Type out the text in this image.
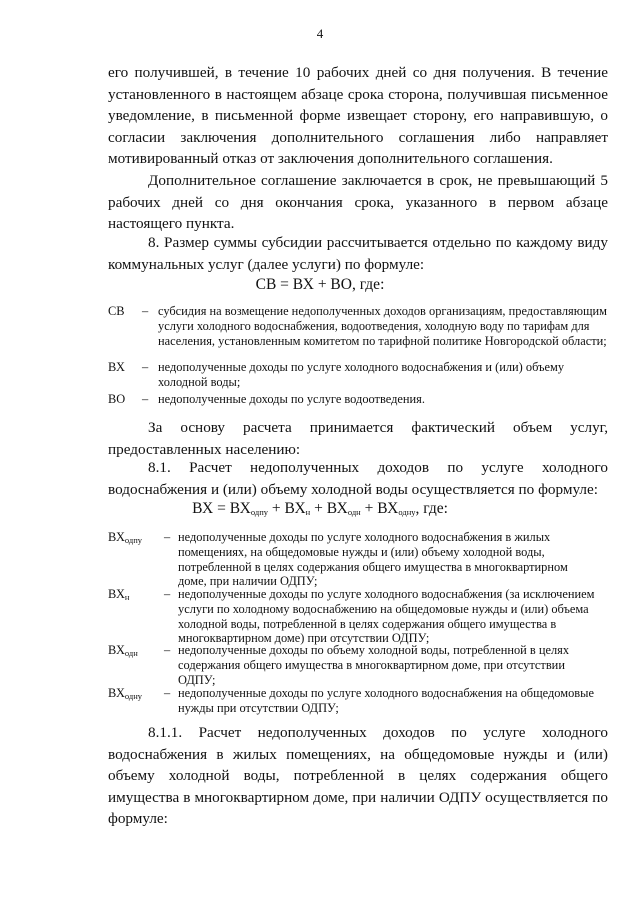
4

его получившей, в течение 10 рабочих дней со дня получения. В течение установленного в настоящем абзаце срока сторона, получившая письменное уведомление, в письменной форме извещает сторону, его направившую, о согласии заключения дополнительного соглашения либо направляет мотивированный отказ от заключения дополнительного соглашения.

Дополнительное соглашение заключается в срок, не превышающий 5 рабочих дней со дня окончания срока, указанного в первом абзаце настоящего пункта.

8. Размер суммы субсидии рассчитывается отдельно по каждому виду коммунальных услуг (далее услуги) по формуле:

СВ = ВХ + ВО, где:
СВ – субсидия на возмещение недополученных доходов организациям, предоставляющим услуги холодного водоснабжения, водоотведения, холодную воду по тарифам для населения, установленным комитетом по тарифной политике Новгородской области;
ВХ – недополученные доходы по услуге холодного водоснабжения и (или) объему холодной воды;
ВО – недополученные доходы по услуге водоотведения.

За основу расчета принимается фактический объем услуг, предоставленных населению:

8.1. Расчет недополученных доходов по услуге холодного водоснабжения и (или) объему холодной воды осуществляется по формуле:

ВХ = $ВХ_{одпу} + ВХ_н + ВХ_{одн} + ВХ_{одну}$, где:
$ВХ_{одпу}$ – недополученные доходы по услуге холодного водоснабжения в жилых помещениях, на общедомовые нужды и (или) объему холодной воды, потребленной в целях содержания общего имущества в многоквартирном доме, при наличии ОДПУ;
$ВХ_н$	– недополученные доходы по услуге холодного водоснабжения (за исключением услуги по холодному водоснабжению на общедомовые нужды и (или) объема холодной воды, потребленной в целях содержания общего имущества в многоквартирном доме) при отсутствии ОДПУ;
$ВХ_{одн}$ – недополученные доходы по объему холодной воды, потребленной в целях содержания общего имущества в многоквартирном доме, при отсутствии ОДПУ;
$ВХ_{одну}$ – недополученные доходы по услуге холодного водоснабжения на общедомовые нужды при отсутствии ОДПУ;

8.1.1. Расчет недополученных доходов по услуге холодного водоснабжения в жилых помещениях, на общедомовые нужды и (или) объему холодной воды, потребленной в целях содержания общего имущества в многоквартирном доме, при наличии ОДПУ осуществляется по формуле:
